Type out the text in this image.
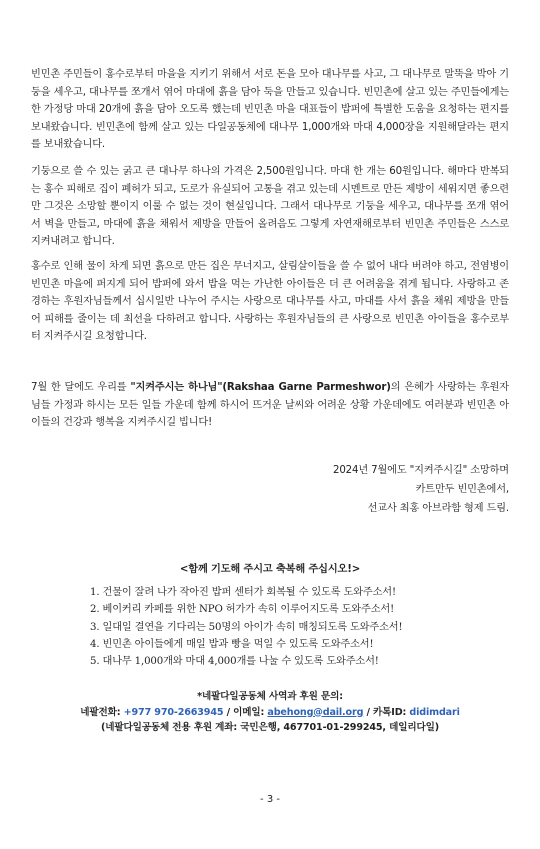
빈민촌 주민들이 홍수로부터 마을을 지키기 위해서 서로 돈을 모아 대나무를 사고, 그 대나무로 말뚝을 박아 기둥을 세우고, 대나무를 쪼개서 엮어 마대에 흙을 담아 둑을 만들고 있습니다. 빈민촌에 살고 있는 주민들에게는 한 가정당 마대 20개에 흙을 담아 오도록 했는데 빈민촌 마을 대표들이 밥퍼에 특별한 도움을 요청하는 편지를 보내왔습니다. 빈민촌에 함께 살고 있는 다일공동체에 대나무 1,000개와 마대 4,000장을 지원해달라는 편지를 보내왔습니다.

기둥으로 쓸 수 있는 굵고 큰 대나무 하나의 가격은 2,500원입니다. 마대 한 개는 60원입니다. 해마다 반복되는 홍수 피해로 집이 폐허가 되고, 도로가 유실되어 고통을 겪고 있는데 시멘트로 만든 제방이 세워지면 좋으련만 그것은 소망할 뿐이지 이룰 수 없는 것이 현실입니다. 그래서 대나무로 기둥을 세우고, 대나무를 쪼개 엮어서 벽을 만들고, 마대에 흙을 채워서 제방을 만들어 올려음도 그렇게 자연재해로부터 빈민촌 주민들은 스스로 지켜내려고 합니다.

홍수로 인해 물이 차게 되면 흙으로 만든 집은 무너지고, 살림살이들을 쓸 수 없어 내다 버려야 하고, 전염병이 빈민촌 마을에 퍼지게 되어 밥퍼에 와서 밥을 먹는 가난한 아이들은 더 큰 어려움을 겪게 됩니다. 사랑하고 존경하는 후원자님들께서 십시일반 나누어 주시는 사랑으로 대나무를 사고, 마대를 사서 흙을 채워 제방을 만들어 피해를 줄이는 데 최선을 다하려고 합니다. 사랑하는 후원자님들의 큰 사랑으로 빈민촌 아이들을 홍수로부터 지켜주시길 요청합니다.

7월 한 달에도 우리를 "지켜주시는 하나님"(Rakshaa Garne Parmeshwor)의 은혜가 사랑하는 후원자님들 가정과 하시는 모든 일들 가운데 함께 하시어 뜨거운 날씨와 어려운 상황 가운데에도 여러분과 빈민촌 아이들의 건강과 행복을 지켜주시길 빕니다!

2024년 7월에도 "지켜주시길" 소망하며
카트만두 빈민촌에서,
선교사 최홍 아브라함 형제 드림.
<함께 기도해 주시고 축복해 주십시오!>
1. 건물이 잘려 나가 작아진 밥퍼 센터가 회복될 수 있도록 도와주소서!
2. 베이커리 카페를 위한 NPO 허가가 속히 이루어지도록 도와주소서!
3. 일대일 결연을 기다리는 50명의 아이가 속히 매칭되도록 도와주소서!
4. 빈민촌 아이들에게 매일 밥과 빵을 먹일 수 있도록 도와주소서!
5. 대나무 1,000개와 마대 4,000개를 나눌 수 있도록 도와주소서!
*네팔다일공동체 사역과 후원 문의:
네팔전화: +977 970-2663945 / 이메일: abehong@dail.org / 카톡ID: didimdari
(네팔다일공동체 전용 후원 계좌: 국민은행, 467701-01-299245, 데일리다일)
- 3 -
